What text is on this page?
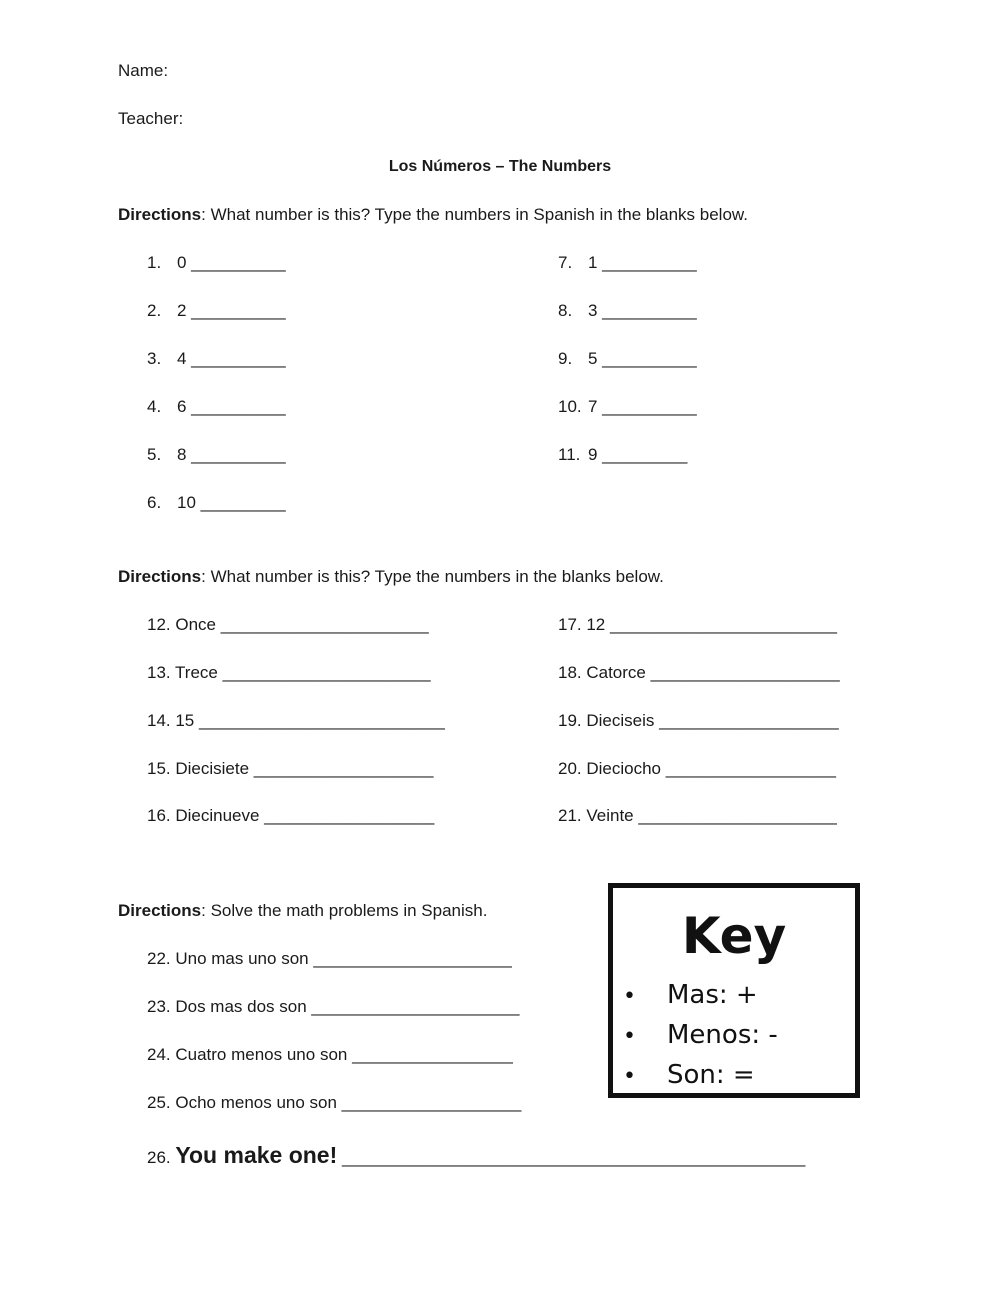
Name:
Teacher:
Los Números – The Numbers
Directions: What number is this? Type the numbers in Spanish in the blanks below.
1. 0 __________
2. 2 __________
3. 4 __________
4. 6 __________
5. 8 __________
6. 10 _________
7. 1 __________
8. 3 __________
9. 5 __________
10. 7 __________
11. 9 _________
Directions: What number is this? Type the numbers in the blanks below.
12. Once ______________________
13. Trece ______________________
14. 15 __________________________
15. Diecisiete ___________________
16. Diecinueve __________________
17. 12 ________________________
18. Catorce ____________________
19. Dieciseis ___________________
20. Dieciocho __________________
21. Veinte _____________________
Directions: Solve the math problems in Spanish.
22. Uno mas uno son _____________________
23. Dos mas dos son ______________________
24. Cuatro menos uno son _________________
25. Ocho menos uno son ___________________
26. You make one! _________________________________________________
Key
• Mas: +
• Menos: -
• Son: =
